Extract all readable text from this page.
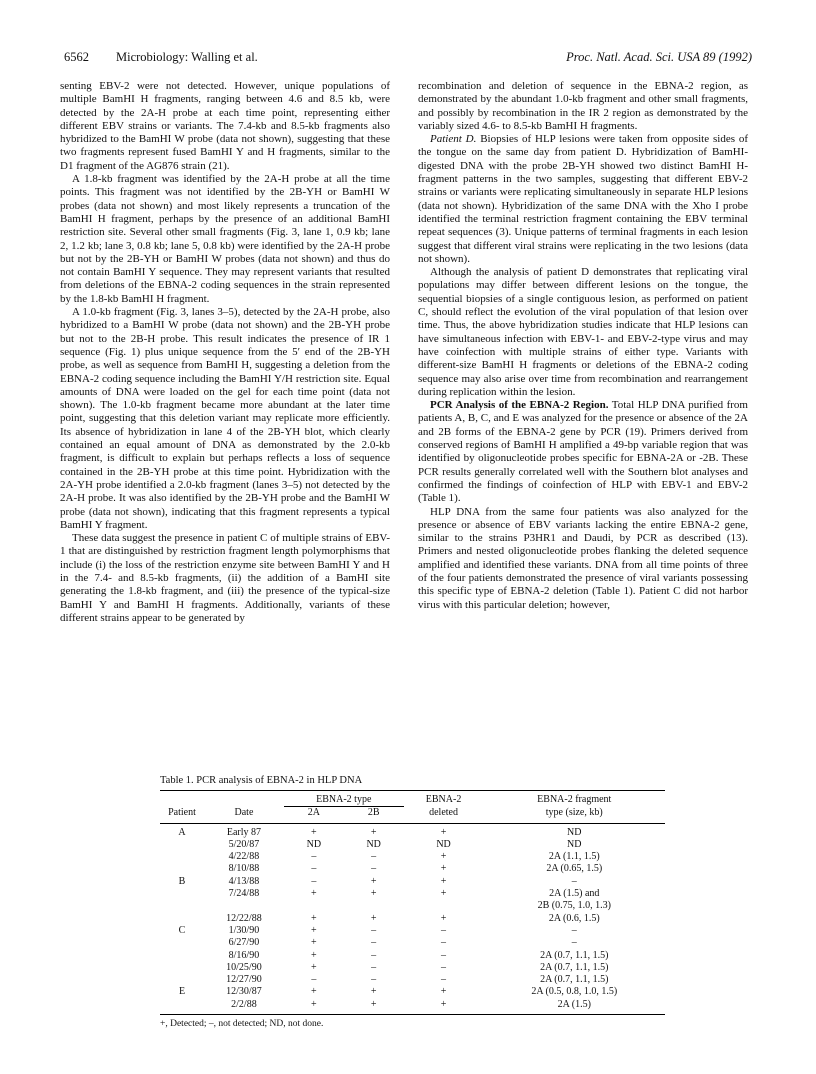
6562 Microbiology: Walling et al.	Proc. Natl. Acad. Sci. USA 89 (1992)

senting EBV-2 were not detected. However, unique populations of multiple BamHI H fragments, ranging between 4.6 and 8.5 kb, were detected by the 2A-H probe at each time point, representing either different EBV strains or variants. The 7.4-kb and 8.5-kb fragments also hybridized to the BamHI W probe (data not shown), suggesting that these two fragments represent fused BamHI Y and H fragments, similar to the D1 fragment of the AG876 strain (21).

A 1.8-kb fragment was identified by the 2A-H probe at all the time points. This fragment was not identified by the 2B-YH or BamHI W probes (data not shown) and most likely represents a truncation of the BamHI H fragment, perhaps by the presence of an additional BamHI restriction site. Several other small fragments (Fig. 3, lane 1, 0.9 kb; lane 2, 1.2 kb; lane 3, 0.8 kb; lane 5, 0.8 kb) were identified by the 2A-H probe but not by the 2B-YH or BamHI W probes (data not shown) and thus do not contain BamHI Y sequence. They may represent variants that resulted from deletions of the EBNA-2 coding sequences in the strain represented by the 1.8-kb BamHI H fragment.

A 1.0-kb fragment (Fig. 3, lanes 3–5), detected by the 2A-H probe, also hybridized to a BamHI W probe (data not shown) and the 2B-YH probe but not to the 2B-H probe. This result indicates the presence of IR 1 sequence (Fig. 1) plus unique sequence from the 5′ end of the 2B-YH probe, as well as sequence from BamHI H, suggesting a deletion from the EBNA-2 coding sequence including the BamHI Y/H restriction site. Equal amounts of DNA were loaded on the gel for each time point (data not shown). The 1.0-kb fragment became more abundant at the later time point, suggesting that this deletion variant may replicate more efficiently. Its absence of hybridization in lane 4 of the 2B-YH blot, which clearly contained an equal amount of DNA as demonstrated by the 2.0-kb fragment, is difficult to explain but perhaps reflects a loss of sequence contained in the 2B-YH probe at this time point. Hybridization with the 2A-YH probe identified a 2.0-kb fragment (lanes 3–5) not detected by the 2A-H probe. It was also identified by the 2B-YH probe and the BamHI W probe (data not shown), indicating that this fragment represents a typical BamHI Y fragment.

These data suggest the presence in patient C of multiple strains of EBV-1 that are distinguished by restriction fragment length polymorphisms that include (i) the loss of the restriction enzyme site between BamHI Y and H in the 7.4- and 8.5-kb fragments, (ii) the addition of a BamHI site generating the 1.8-kb fragment, and (iii) the presence of the typical-size BamHI Y and BamHI H fragments. Additionally, variants of these different strains appear to be generated by

recombination and deletion of sequence in the EBNA-2 region, as demonstrated by the abundant 1.0-kb fragment and other small fragments, and possibly by recombination in the IR 2 region as demonstrated by the variably sized 4.6- to 8.5-kb BamHI H fragments.

Patient D. Biopsies of HLP lesions were taken from opposite sides of the tongue on the same day from patient D. Hybridization of BamHI-digested DNA with the probe 2B-YH showed two distinct BamHI H-fragment patterns in the two samples, suggesting that different EBV-2 strains or variants were replicating simultaneously in separate HLP lesions (data not shown). Hybridization of the same DNA with the Xho I probe identified the terminal restriction fragment containing the EBV terminal repeat sequences (3). Unique patterns of terminal fragments in each lesion suggest that different viral strains were replicating in the two lesions (data not shown).

Although the analysis of patient D demonstrates that replicating viral populations may differ between different lesions on the tongue, the sequential biopsies of a single contiguous lesion, as performed on patient C, should reflect the evolution of the viral population of that lesion over time. Thus, the above hybridization studies indicate that HLP lesions can have simultaneous infection with EBV-1- and EBV-2-type virus and may have coinfection with multiple strains of either type. Variants with different-size BamHI H fragments or deletions of the EBNA-2 coding sequence may also arise over time from recombination and rearrangement during replication within the lesion.

PCR Analysis of the EBNA-2 Region. Total HLP DNA purified from patients A, B, C, and E was analyzed for the presence or absence of the 2A and 2B forms of the EBNA-2 gene by PCR (19). Primers derived from conserved regions of BamHI H amplified a 49-bp variable region that was identified by oligonucleotide probes specific for EBNA-2A or -2B. These PCR results generally correlated well with the Southern blot analyses and confirmed the findings of coinfection of HLP with EBV-1 and EBV-2 (Table 1).

HLP DNA from the same four patients was also analyzed for the presence or absence of EBV variants lacking the entire EBNA-2 gene, similar to the strains P3HR1 and Daudi, by PCR as described (13). Primers and nested oligonucleotide probes flanking the deleted sequence amplified and identified these variants. DNA from all time points of three of the four patients demonstrated the presence of viral variants possessing this specific type of EBNA-2 deletion (Table 1). Patient C did not harbor virus with this particular deletion; however,

Table 1. PCR analysis of EBNA-2 in HLP DNA
		EBNA-2 type		EBNA-2	EBNA-2 fragment
Patient	Date	2A	2B	deleted	type (size, kb)
A	Early 87	+	+	+	ND
	5/20/87	ND	ND	ND	ND
	4/22/88	–	–	+	2A (1.1, 1.5)
	8/10/88	–	–	+	2A (0.65, 1.5)
B	4/13/88	–	+	+	–
	7/24/88	+	+	+	2A (1.5) and
					2B (0.75, 1.0, 1.3)
	12/22/88	+	+	+	2A (0.6, 1.5)
C	1/30/90	+	–	–	–
	6/27/90	+	–	–	–
	8/16/90	+	–	–	2A (0.7, 1.1, 1.5)
	10/25/90	+	–	–	2A (0.7, 1.1, 1.5)
	12/27/90	–	–	–	2A (0.7, 1.1, 1.5)
E	12/30/87	+	+	+	2A (0.5, 0.8, 1.0, 1.5)
	2/2/88	+	+	+	2A (1.5)
+, Detected; –, not detected; ND, not done.
